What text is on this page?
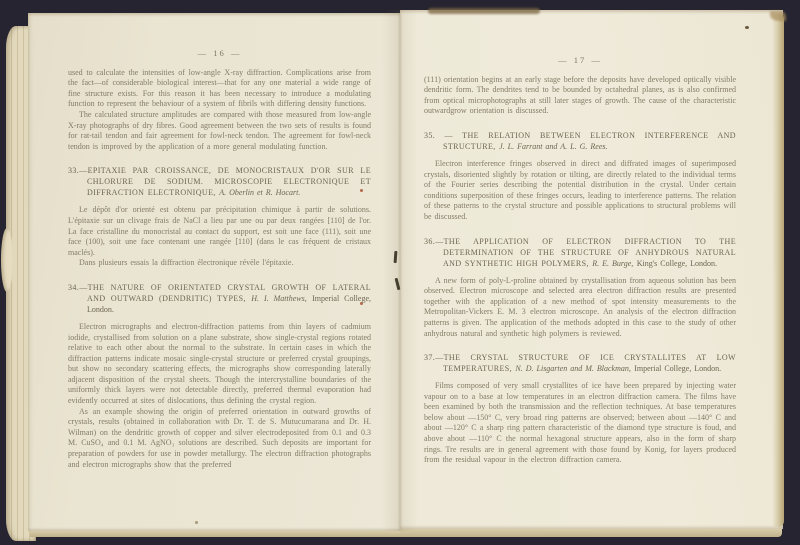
— 16 —

used to calculate the intensities of low-angle X-ray diffraction. Complications arise from the fact—of considerable biological interest—that for any one material a wide range of fine structure exists. For this reason it has been necessary to introduce a modulating function to represent the behaviour of a system of fibrils with differing density functions.

The calculated structure amplitudes are compared with those measured from low-angle X-ray photographs of dry fibres. Good agreement between the two sets of results is found for rat-tail tendon and fair agreement for fowl-neck tendon. The agreement for fowl-neck tendon is improved by the application of a more general modulating function.

33.—EPITAXIE PAR CROISSANCE, DE MONOCRISTAUX D'OR SUR LE CHLORURE DE SODIUM. MICROSCOPIE ELECTRONIQUE ET DIFFRACTION ELECTRONIQUE, A. Oberlin et R. Hocart.

Le dépôt d'or orienté est obtenu par précipitation chimique à partir de solutions. L'épitaxie sur un clivage frais de NaCl a lieu par une ou par deux rangées [110] de l'or. La face cristalline du monocristal au contact du support, est soit une face (111), soit une face (100), soit une face contenant une rangée [110] (dans le cas fréquent de cristaux maclés).

Dans plusieurs essais la diffraction électronique révèle l'épitaxie.

34.—THE NATURE OF ORIENTATED CRYSTAL GROWTH OF LATERAL AND OUTWARD (DENDRITIC) TYPES, H. I. Matthews, Imperial College, London.

Electron micrographs and electron-diffraction patterns from thin layers of cadmium iodide, crystallised from solution on a plane substrate, show single-crystal regions rotated relative to each other about the normal to the substrate. In certain cases in which the diffraction patterns indicate mosaic single-crystal structure or preferred crystal groupings, but show no secondary scattering effects, the micrographs show corresponding laterally adjacent disposition of the crystal sheets. Though the intercrystalline boundaries of the uniformly thick layers were not detectable directly, preferred thermal evaporation had evidently occurred at sites of dislocations, thus defining the crystal region.

As an example showing the origin of preferred orientation in outward growths of crystals, results (obtained in collaboration with Dr. T. de S. Mutucumarana and Dr. H. Wilman) on the dendritic growth of copper and silver electrodeposited from 0.1 and 0.3 M. CuSO₄ and 0.1 M. AgNO₃ solutions are described. Such deposits are important for preparation of powders for use in powder metallurgy. The electron diffraction photographs and electron micrographs show that the preferred

— 17 —

(111) orientation begins at an early stage before the deposits have developed optically visible dendritic form. The dendrites tend to be bounded by octahedral planes, as is also confirmed from optical microphotographs at still later stages of growth. The cause of the characteristic outwardgrow orientation is discussed.

35. — THE RELATION BETWEEN ELECTRON INTERFERENCE AND STRUCTURE, J. L. Farrant and A. L. G. Rees.

Electron interference fringes observed in direct and diffrated images of superimposed crystals, disoriented slightly by rotation or tilting, are directly related to the individual terms of the Fourier series describing the potential distribution in the crystal. Under certain conditions superposition of these fringes occurs, leading to interference patterns. The relation of these patterns to the crystal structure and possible applications to structural problems will be discussed.

36.—THE APPLICATION OF ELECTRON DIFFRACTION TO THE DETERMINATION OF THE STRUCTURE OF ANHYDROUS NATURAL AND SYNTHETIC HIGH POLYMERS, R. E. Burge, King's College, London.

A new form of poly-L-proline obtained by crystallisation from aqueous solution has been observed. Electron microscope and selected area electron diffraction results are presented together with the application of a new method of spot intensity measurements to the Metropolitan-Vickers E. M. 3 electron microscope. An analysis of the electron diffraction patterns is given. The application of the methods adopted in this case to the study of other anhydrous natural and synthetic high polymers is reviewed.

37.—THE CRYSTAL STRUCTURE OF ICE CRYSTALLITES AT LOW TEMPERATURES, N. D. Lisgarten and M. Blackman, Imperial College, London.

Films composed of very small crystallites of ice have been prepared by injecting water vapour on to a base at low temperatures in an electron diffraction camera. The films have been examined by both the transmission and the reflection techniques. At base temperatures below about —150° C, very broad ring patterns are observed; between about —140° C and about —120° C a sharp ring pattern characteristic of the diamond type structure is foud, and above about —110° C the normal hexagonal structure appears, also in the form of sharp rings. Tre results are in general agreement with those found by Konig, for layers produced from the residual vapour in the electron diffraction camera.
